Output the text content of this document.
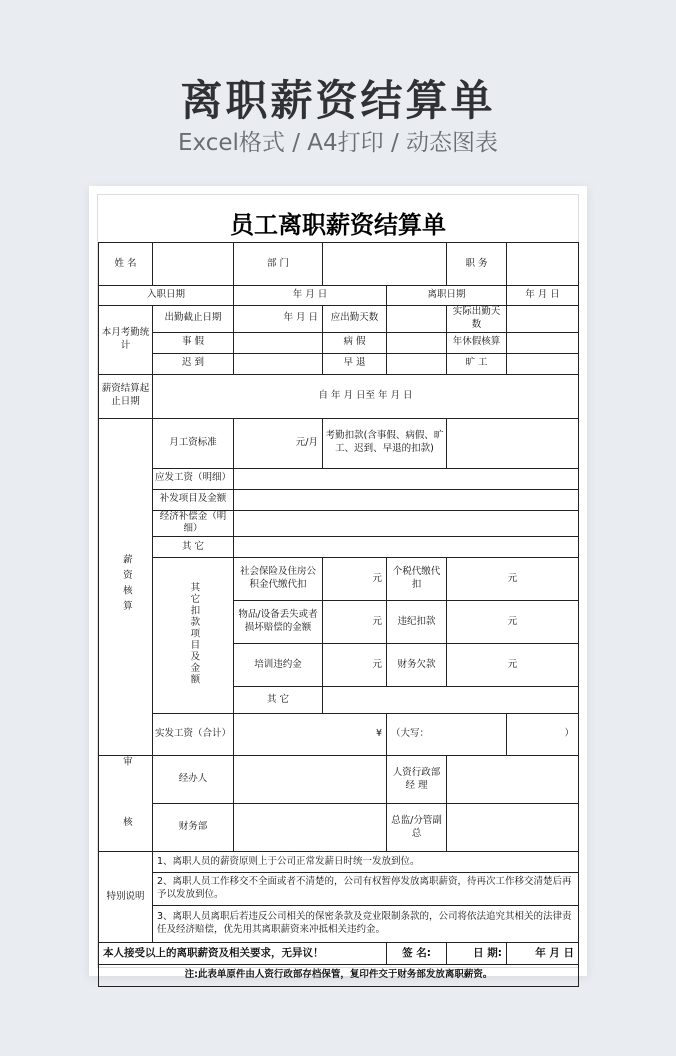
离职薪资结算单
Excel格式 / A4打印 / 动态图表
员工离职薪资结算单
姓 名		部 门			职 务	
入职日期		年 月 日		离职日期		年 月 日
本月考勤统 计	出勤截止日期	年 月 日	应出勤天数		实际出勤天数	
	事 假		病 假		年休假核算	
	迟 到		早 退		旷 工	
薪资结算起止日期	自 年 月 日至 年 月 日					
薪资核算	月工资标准	元/月	考勤扣款(含事假、病假、旷工、迟到、早退的扣款)			
	应发工资（明细）					
	补发项目及金额					
	经济补偿金（明细）					
	其 它					
	其它扣款项目及金额	社会保险及住房公积金代缴代扣	元	个税代缴代扣	元	
		物品/设备丢失或者损坏赔偿的金额	元	违纪扣款	元	
		培训违约金	元	财务欠款	元	
		其 它				
	实发工资（合计）	¥		（大写：		）
审 核	经办人			人资行政部经 理		
	财务部			总监/分管副 总		
特别说明	1、离职人员的薪资原则上于公司正常发薪日时统一发放到位。					
	2、离职人员工作移交不全面或者不清楚的，公司有权暂停发放离职薪资，待再次工作移交清楚后再予以发放到位。					
	3、离职人员离职后若违反公司相关的保密条款及竞业限制条款的，公司将依法追究其相关的法律责任及经济赔偿，优先用其离职薪资来冲抵相关违约金。					
本人接受以上的离职薪资及相关要求，无异议！				签 名:	日 期:	年 月 日
注:此表单原件由人资行政部存档保管，复印件交于财务部发放离职薪资。						
